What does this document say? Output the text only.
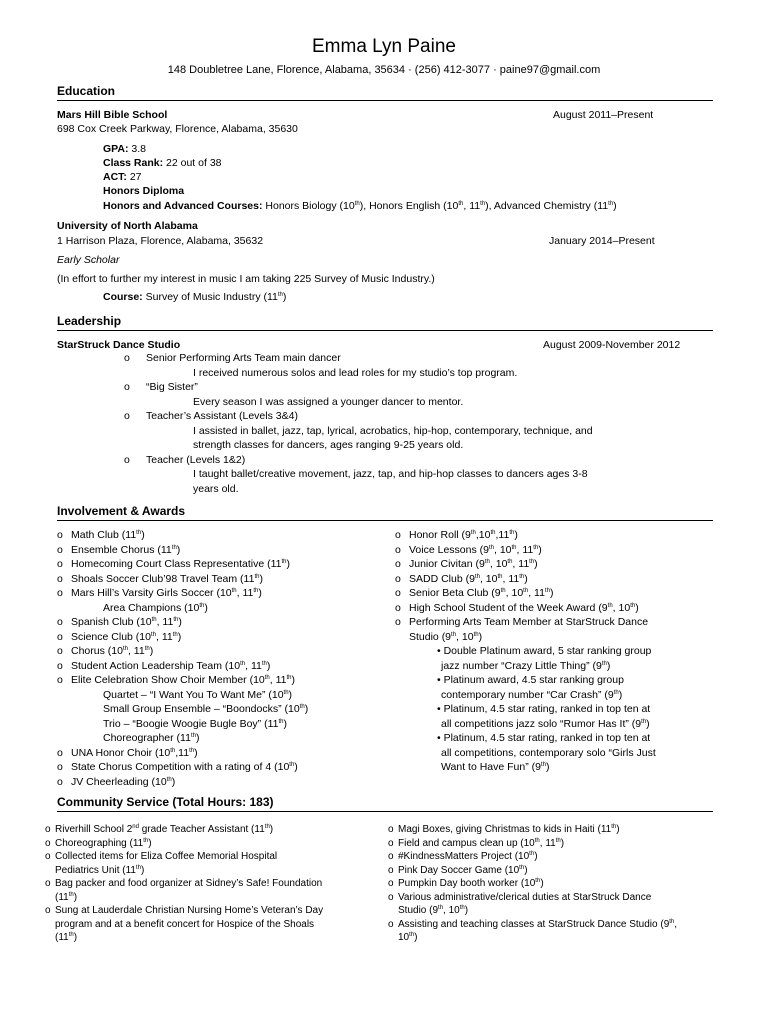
Emma Lyn Paine
148 Doubletree Lane, Florence, Alabama, 35634 · (256) 412-3077 · paine97@gmail.com
Education
Mars Hill Bible School	August 2011–Present
698 Cox Creek Parkway, Florence, Alabama, 35630
GPA: 3.8
Class Rank: 22 out of 38
ACT: 27
Honors Diploma
Honors and Advanced Courses: Honors Biology (10th), Honors English (10th, 11th), Advanced Chemistry (11th)
University of North Alabama
1 Harrison Plaza, Florence, Alabama, 35632	January 2014–Present
Early Scholar
(In effort to further my interest in music I am taking 225 Survey of Music Industry.)
Course: Survey of Music Industry (11th)
Leadership
StarStruck Dance Studio	August 2009-November 2012
o Senior Performing Arts Team main dancer
I received numerous solos and lead roles for my studio’s top program.
o “Big Sister”
Every season I was assigned a younger dancer to mentor.
o Teacher’s Assistant (Levels 3&4)
I assisted in ballet, jazz, tap, lyrical, acrobatics, hip-hop, contemporary, technique, and
strength classes for dancers, ages ranging 9-25 years old.
o Teacher (Levels 1&2)
I taught ballet/creative movement, jazz, tap, and hip-hop classes to dancers ages 3-8
years old.
Involvement & Awards
o Math Club (11th)
o Ensemble Chorus (11th)
o Homecoming Court Class Representative (11th)
o Shoals Soccer Club’98 Travel Team (11th)
o Mars Hill’s Varsity Girls Soccer (10th, 11th)
Area Champions (10th)
o Spanish Club (10th, 11th)
o Science Club (10th, 11th)
o Chorus (10th, 11th)
o Student Action Leadership Team (10th, 11th)
o Elite Celebration Show Choir Member (10th, 11th)
Quartet – “I Want You To Want Me” (10th)
Small Group Ensemble – “Boondocks” (10th)
Trio – “Boogie Woogie Bugle Boy” (11th)
Choreographer (11th)
o UNA Honor Choir (10th,11th)
o State Chorus Competition with a rating of 4 (10th)
o JV Cheerleading (10th)
o Honor Roll (9th,10th,11th)
o Voice Lessons (9th, 10th, 11th)
o Junior Civitan (9th, 10th, 11th)
o SADD Club (9th, 10th, 11th)
o Senior Beta Club (9th, 10th, 11th)
o High School Student of the Week Award (9th, 10th)
o Performing Arts Team Member at StarStruck Dance
Studio (9th, 10th)
• Double Platinum award, 5 star ranking group
jazz number “Crazy Little Thing” (9th)
• Platinum award, 4.5 star ranking group
contemporary number “Car Crash” (9th)
• Platinum, 4.5 star rating, ranked in top ten at
all competitions jazz solo “Rumor Has It” (9th)
• Platinum, 4.5 star rating, ranked in top ten at
all competitions, contemporary solo “Girls Just
Want to Have Fun” (9th)
Community Service (Total Hours: 183)
o Riverhill School 2nd grade Teacher Assistant (11th)
o Choreographing (11th)
o Collected items for Eliza Coffee Memorial Hospital
Pediatrics Unit (11th)
o Bag packer and food organizer at Sidney’s Safe! Foundation
(11th)
o Sung at Lauderdale Christian Nursing Home’s Veteran’s Day
program and at a benefit concert for Hospice of the Shoals
(11th)
o Magi Boxes, giving Christmas to kids in Haiti (11th)
o Field and campus clean up (10th, 11th)
o #KindnessMatters Project (10th)
o Pink Day Soccer Game (10th)
o Pumpkin Day booth worker (10th)
o Various administrative/clerical duties at StarStruck Dance
Studio (9th, 10th)
o Assisting and teaching classes at StarStruck Dance Studio (9th,
10th)
